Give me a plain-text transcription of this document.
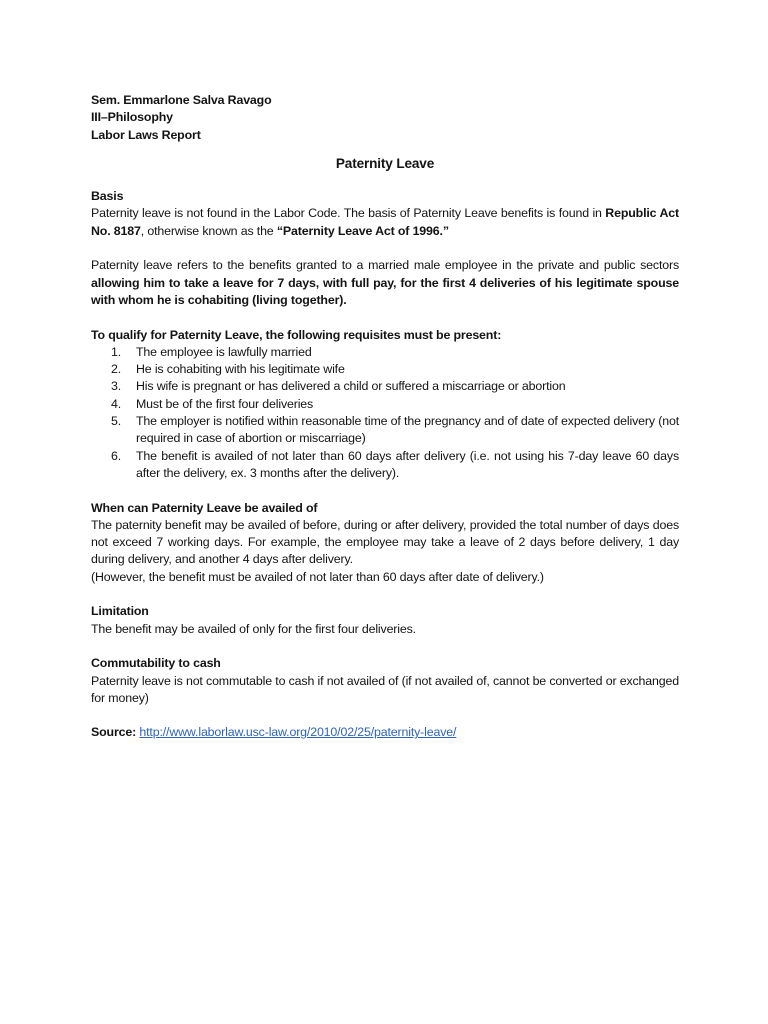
Sem. Emmarlone Salva Ravago
III–Philosophy
Labor Laws Report
Paternity Leave
Basis

Paternity leave is not found in the Labor Code. The basis of Paternity Leave benefits is found in Republic Act No. 8187, otherwise known as the “Paternity Leave Act of 1996.”

Paternity leave refers to the benefits granted to a married male employee in the private and public sectors allowing him to take a leave for 7 days, with full pay, for the first 4 deliveries of his legitimate spouse with whom he is cohabiting (living together).

To qualify for Paternity Leave, the following requisites must be present:
1. The employee is lawfully married
2. He is cohabiting with his legitimate wife
3. His wife is pregnant or has delivered a child or suffered a miscarriage or abortion
4. Must be of the first four deliveries
5. The employer is notified within reasonable time of the pregnancy and of date of expected delivery (not required in case of abortion or miscarriage)
6. The benefit is availed of not later than 60 days after delivery (i.e. not using his 7-day leave 60 days after the delivery, ex. 3 months after the delivery).
When can Paternity Leave be availed of

The paternity benefit may be availed of before, during or after delivery, provided the total number of days does not exceed 7 working days. For example, the employee may take a leave of 2 days before delivery, 1 day during delivery, and another 4 days after delivery.

(However, the benefit must be availed of not later than 60 days after date of delivery.)

Limitation

The benefit may be availed of only for the first four deliveries.

Commutability to cash

Paternity leave is not commutable to cash if not availed of (if not availed of, cannot be converted or exchanged for money)

Source: http://www.laborlaw.usc-law.org/2010/02/25/paternity-leave/
